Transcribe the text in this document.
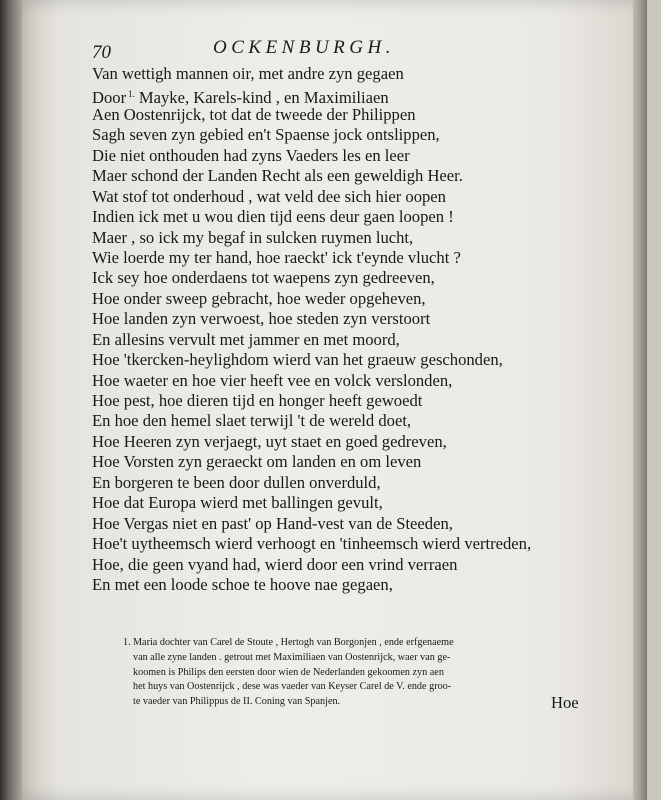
70	OCKENBURGH.
Van wettigh mannen oir, met andre zyn gegaen
Door $^{1.}$ Mayke, Karels-kind , en Maximiliaen
Aen Oostenrijck, tot dat de tweede der Philippen
Sagh seven zyn gebied en't Spaense jock ontslippen,
Die niet onthouden had zyns Vaeders les en leer
Maer schond der Landen Recht als een geweldigh Heer.
Wat stof tot onderhoud , wat veld dee sich hier oopen
Indien ick met u wou dien tijd eens deur gaen loopen !
Maer , so ick my begaf in sulcken ruymen lucht,
Wie loerde my ter hand, hoe raeckt' ick t'eynde vlucht ?
Ick sey hoe onderdaens tot waepens zyn gedreeven,
Hoe onder sweep gebracht, hoe weder opgeheven,
Hoe landen zyn verwoest, hoe steden zyn verstoort
En allesins vervult met jammer en met moord,
Hoe 'tkercken-heylighdom wierd van het graeuw geschonden,
Hoe waeter en hoe vier heeft vee en volck verslonden,
Hoe pest, hoe dieren tijd en honger heeft gewoedt
En hoe den hemel slaet terwijl 't de wereld doet,
Hoe Heeren zyn verjaegt, uyt staet en goed gedreven,
Hoe Vorsten zyn geraeckt om landen en om leven
En borgeren te been door dullen onverduld,
Hoe dat Europa wierd met ballingen gevult,
Hoe Vergas niet en past' op Hand-vest van de Steeden,
Hoe't uytheemsch wierd verhoogt en 'tinheemsch wierd vertreden,
Hoe, die geen vyand had, wierd door een vrind verraen
En met een loode schoe te hoove nae gegaen,
1. Maria dochter van Carel de Stoute , Hertogh van Borgonjen , ende erfgenaeme
van alle zyne landen . getrout met Maximiliaen van Oostenrijck, waer van ge-
koomen is Philips den eersten door wien de Nederlanden gekoomen zyn aen
het huys van Oostenrijck , dese was vaeder van Keyser Carel de V. ende groo-
te vaeder van Philippus de II. Coning van Spanjen.	Hoe
